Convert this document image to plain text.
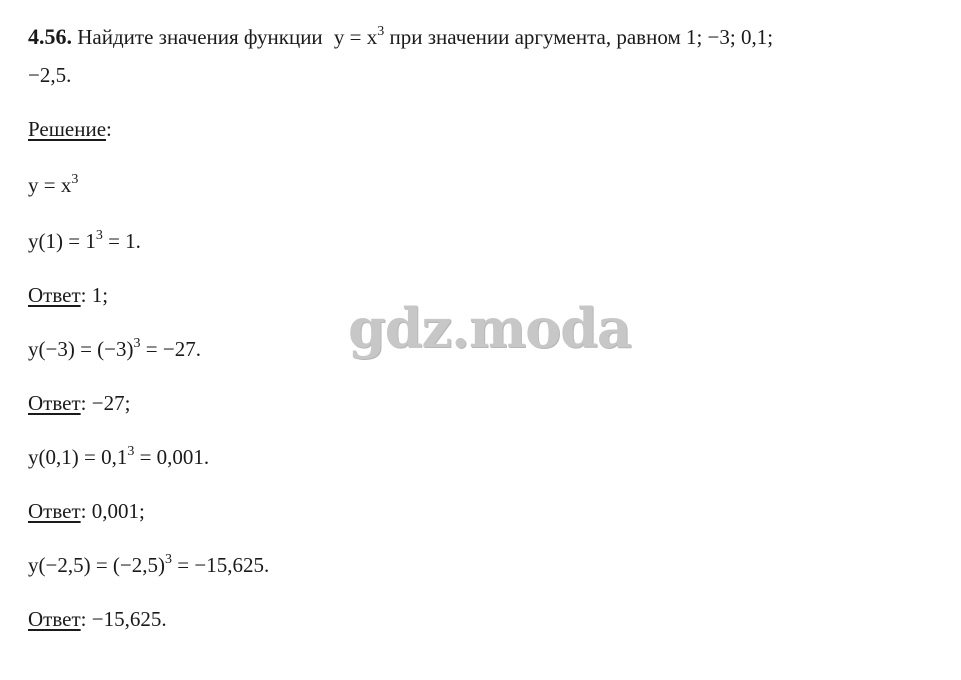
4.56. Найдите значения функции $y = x^3$ при значении аргумента, равном 1; −3; 0,1;
−2,5.
Решение:
$y = x^3$
$y(1) = 1^3 = 1$.
Ответ: 1;
$y(-3) = (-3)^3 = -27$.
Ответ: −27;
$y(0,1) = 0,1^3 = 0,001$.
Ответ: 0,001;
$y(-2,5) = (-2,5)^3 = -15,625$.
Ответ: −15,625.
gdz.moda
